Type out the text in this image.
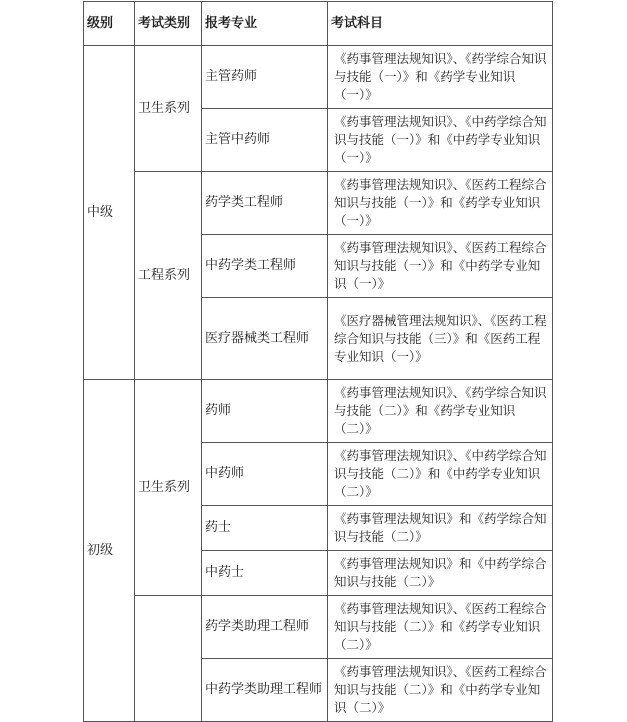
级别	考试类别	报考专业	考试科目
中级	卫生系列	主管药师	《药事管理法规知识》、《药学综合知识与技能（一）》和《药学专业知识（一）》
		主管中药师	《药事管理法规知识》、《中药学综合知识与技能（一）》和《中药学专业知识（一）》
	工程系列	药学类工程师	《药事管理法规知识》、《医药工程综合知识与技能（一）》和《药学专业知识（一）》
		中药学类工程师	《药事管理法规知识》、《医药工程综合知识与技能（一）》和《中药学专业知识（一）》
		医疗器械类工程师	《医疗器械管理法规知识》、《医药工程综合知识与技能（三）》和《医药工程专业知识（一）》
初级	卫生系列	药师	《药事管理法规知识》、《药学综合知识与技能（二）》和《药学专业知识（二）》
		中药师	《药事管理法规知识》、《中药学综合知识与技能（二）》和《中药学专业知识（二）》
		药士	《药事管理法规知识》和《药学综合知识与技能（二）》
		中药士	《药事管理法规知识》和《中药学综合知识与技能（二）》
		药学类助理工程师	《药事管理法规知识》、《医药工程综合知识与技能（二）》和《药学专业知识（二）》
		中药学类助理工程师	《药事管理法规知识》、《医药工程综合知识与技能（二）》和《中药学专业知识（二）》
